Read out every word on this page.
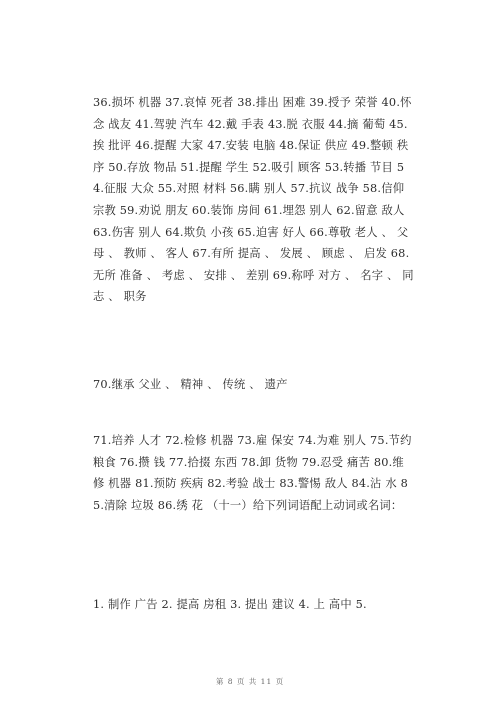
36.损坏 机器 37.哀悼 死者 38.排出 困难 39.授予 荣誉 40.怀念 战友 41.驾驶 汽车 42.戴 手表 43.脱 衣服 44.摘 葡萄 45.挨 批评 46.提醒 大家 47.安装 电脑 48.保证 供应 49.整顿 秩序 50.存放 物品 51.提醒 学生 52.吸引 顾客 53.转播 节目 54.征服 大众 55.对照 材料 56.瞒 别人 57.抗议 战争 58.信仰 宗教 59.劝说 朋友 60.装饰 房间 61.埋怨 别人 62.留意 敌人 63.伤害 别人 64.欺负 小孩 65.迫害 好人 66.尊敬 老人 、 父母 、 教师 、 客人 67.有所 提高 、 发展 、 顾虑 、 启发 68.无所 准备 、 考虑 、 安排 、 差别 69.称呼 对方 、 名字 、 同志 、 职务

70.继承 父业 、 精神 、 传统 、 遗产

71.培养 人才 72.检修 机器 73.雇 保安 74.为难 别人 75.节约 粮食 76.攒 钱 77.拾掇 东西 78.卸 货物 79.忍受 痛苦 80.维修 机器 81.预防 疾病 82.考验 战士 83.警惕 敌人 84.沾 水 85.清除 垃圾 86.绣 花 （十一）给下列词语配上动词或名词：

1. 制作 广告 2. 提高 房租 3. 提出 建议 4. 上 高中 5.

第 8 页 共 11 页
